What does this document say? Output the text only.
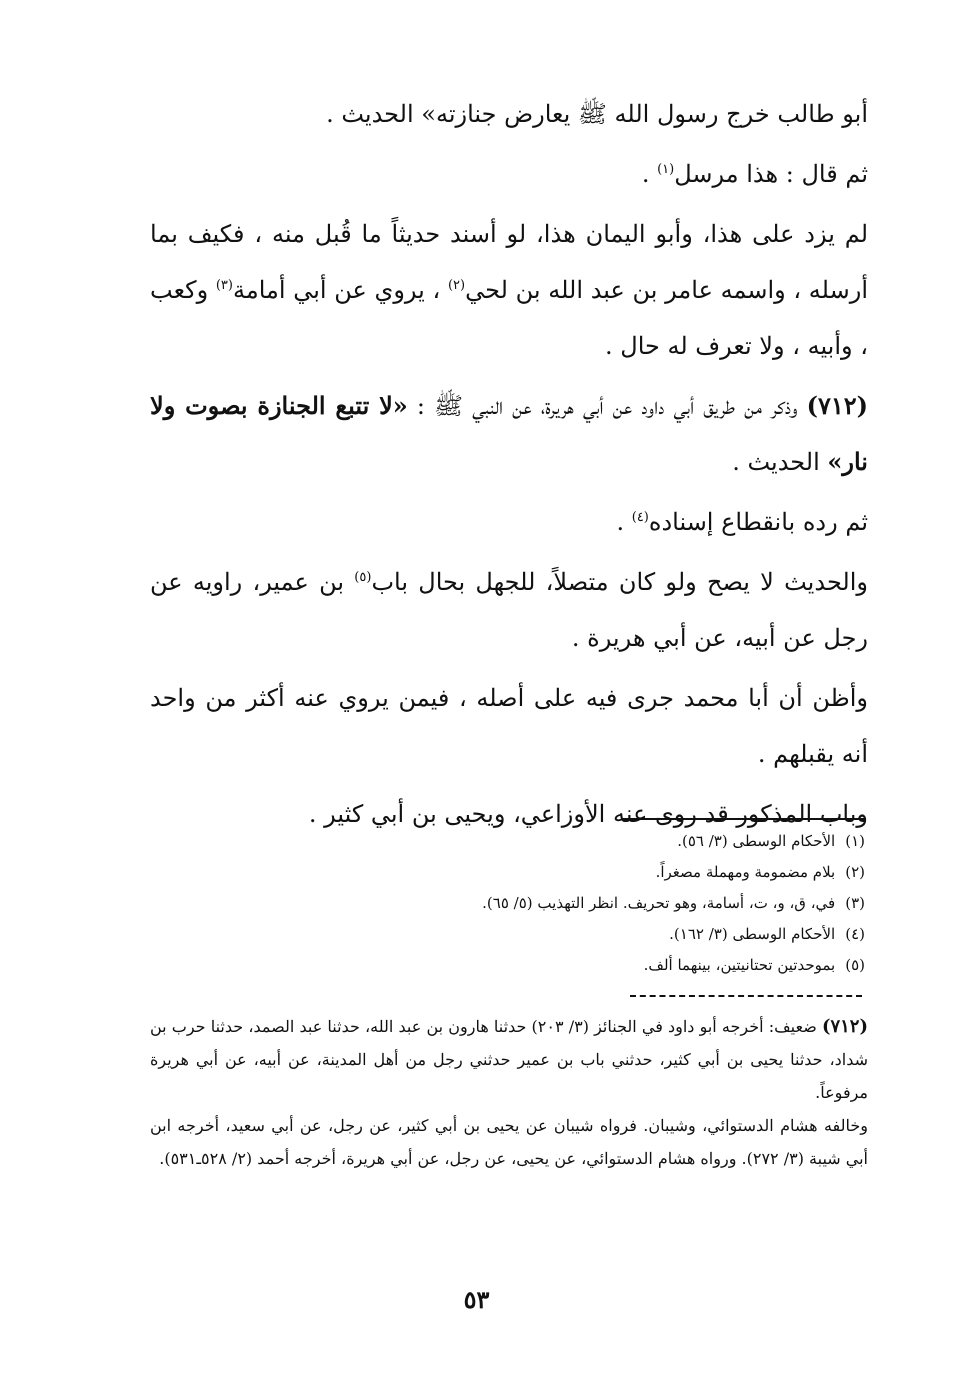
أبو طالب خرج رسول الله ﷺ يعارض جنازته» الحديث .

ثم قال : هذا مرسل$^{(١)}$ .

لم يزد على هذا، وأبو اليمان هذا، لو أسند حديثاً ما قُبل منه ، فكيف بما أرسله ، واسمه عامر بن عبد الله بن لحي$^{(٢)}$ ، يروي عن أبي أمامة$^{(٣)}$ وكعب ، وأبيه ، ولا تعرف له حال .

(٧١٢) وذكر من طريق أبي داود عن أبي هريرة، عن النبي ﷺ : «لا تتبع الجنازة بصوت ولا نار» الحديث .

ثم رده بانقطاع إسناده$^{(٤)}$ .

والحديث لا يصح ولو كان متصلاً، للجهل بحال باب$^{(٥)}$ بن عمير، راويه عن رجل عن أبيه، عن أبي هريرة .

وأظن أن أبا محمد جرى فيه على أصله ، فيمن يروي عنه أكثر من واحد أنه يقبلهم .

وباب المذكور قد روى عنه الأوزاعي، ويحيى بن أبي كثير .

(١)الأحكام الوسطى (٣/ ٥٦).
(٢)بلام مضمومة ومهملة مصغراً.
(٣)في، ق، و، ت، أسامة، وهو تحريف. انظر التهذيب (٥/ ٦٥).
(٤)الأحكام الوسطى (٣/ ١٦٢).
(٥)بموحدتين تحتانيتين، بينهما ألف.

(٧١٢) ضعيف: أخرجه أبو داود في الجنائز (٣/ ٢٠٣) حدثنا هارون بن عبد الله، حدثنا عبد الصمد، حدثنا حرب بن شداد، حدثنا يحيى بن أبي كثير، حدثني باب بن عمير حدثني رجل من أهل المدينة، عن أبيه، عن أبي هريرة مرفوعاً.

وخالفه هشام الدستوائي، وشيبان. فرواه شيبان عن يحيى بن أبي كثير، عن رجل، عن أبي سعيد، أخرجه ابن أبي شيبة (٣/ ٢٧٢). ورواه هشام الدستوائي، عن يحيى، عن رجل، عن أبي هريرة، أخرجه أحمد (٢/ ٥٢٨ـ٥٣١).

٥٣
